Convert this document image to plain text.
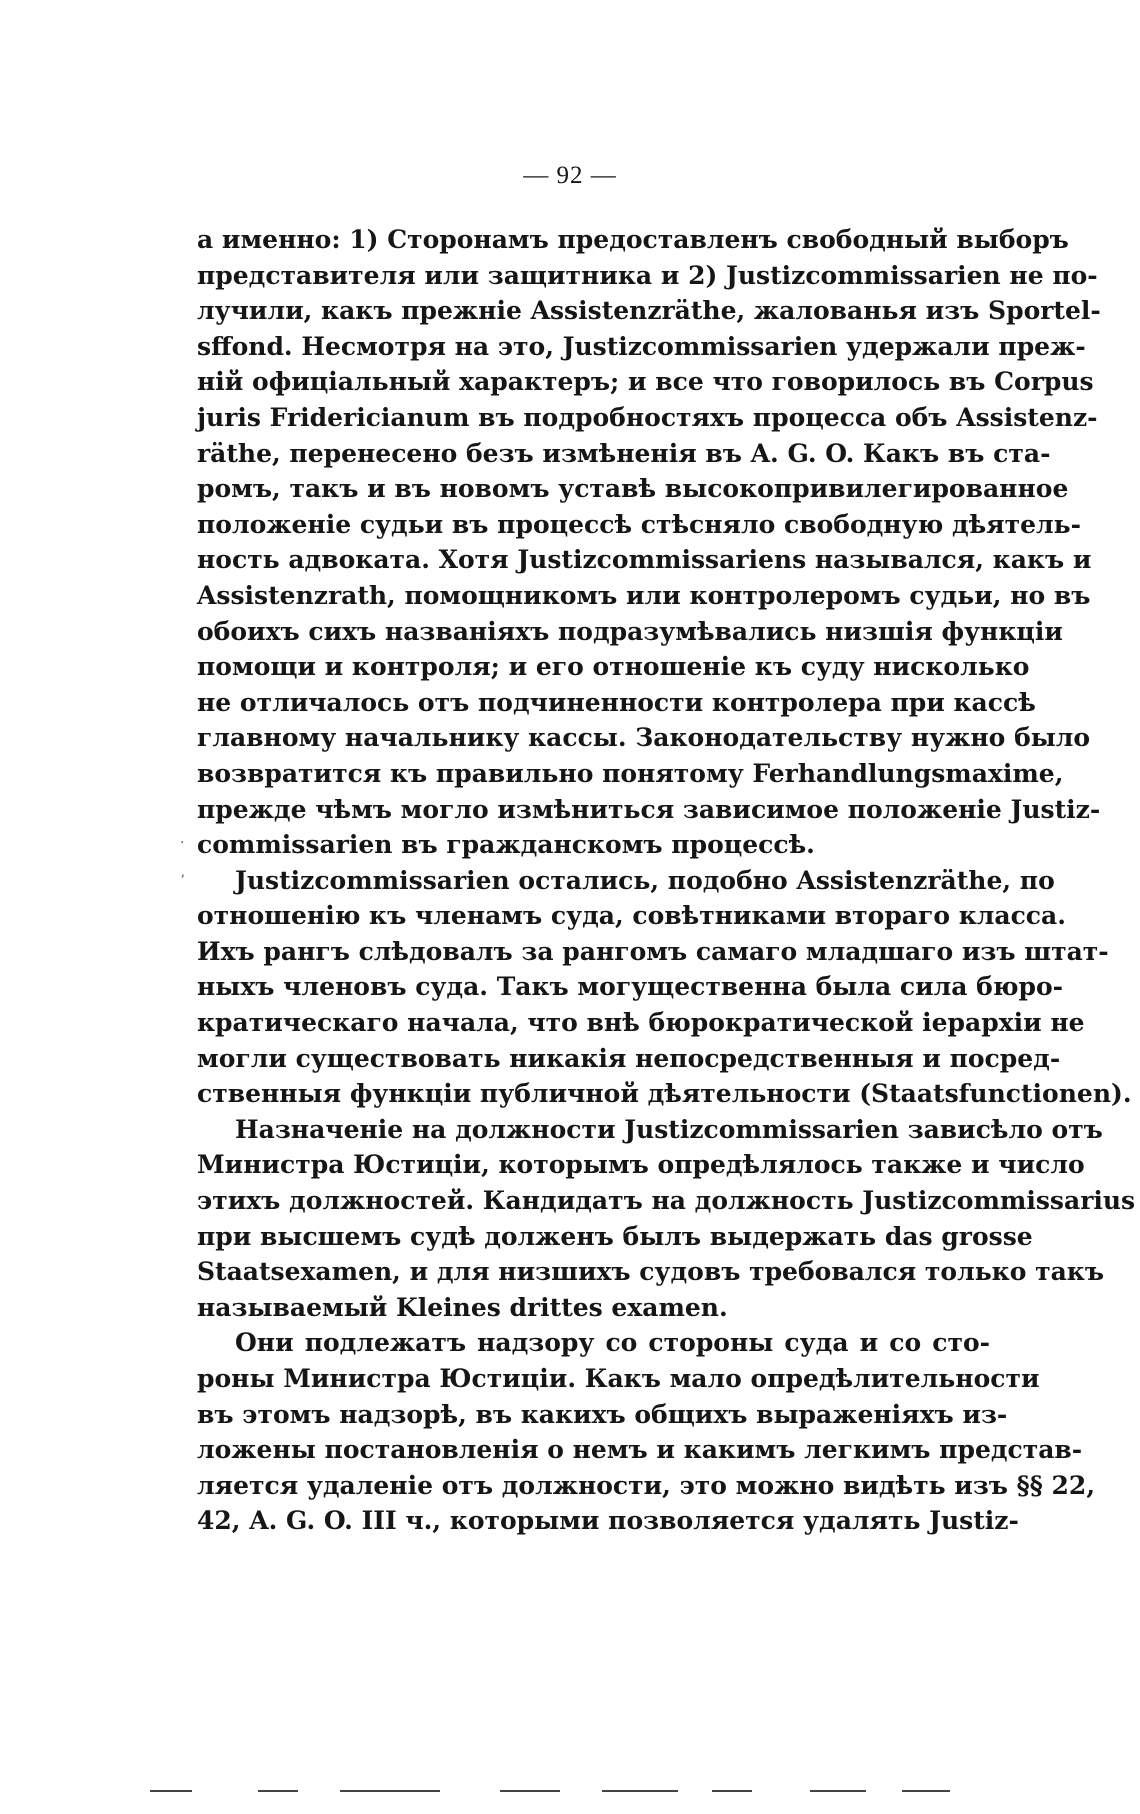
— 92 —
·
ʼ
а именно: 1) Сторонамъ предоставленъ свободный выборъ
представителя или защитника и 2) Justizcommissarien не по-
лучили, какъ прежніе Assistenzräthe, жалованья изъ Sportel-
sffond. Несмотря на это, Justizcommissarien удержали преж-
ній офиціальный характеръ; и все что говорилось въ Corpus
juris Fridericianum въ подробностяхъ процесса объ Assistenz-
räthe, перенесено безъ измѣненія въ A. G. O. Какъ въ ста-
ромъ, такъ и въ новомъ уставѣ высокопривилегированное
положеніе судьи въ процессѣ стѣсняло свободную дѣятель-
ность адвоката. Хотя Justizcommissariens назывался, какъ и
Assistenzrath, помощникомъ или контролеромъ судьи, но въ
обоихъ сихъ названіяхъ подразумѣвались низшія функціи
помощи и контроля; и его отношеніе къ суду нисколько
не отличалось отъ подчиненности контролера при кассѣ
главному начальнику кассы. Законодательству нужно было
возвратится къ правильно понятому Ferhandlungsmaxime,
прежде чѣмъ могло измѣниться зависимое положеніе Justiz-
commissarien въ гражданскомъ процессѣ.
Justizcommissarien остались, подобно Assistenzräthe, по
отношенію къ членамъ суда, совѣтниками втораго класса.
Ихъ рангъ слѣдовалъ за рангомъ самаго младшаго изъ штат-
ныхъ членовъ суда. Такъ могущественна была сила бюро-
кратическаго начала, что внѣ бюрократической іерархіи не
могли существовать никакія непосредственныя и посред-
ственныя функціи публичной дѣятельности (Staatsfunctionen).
Назначеніе на должности Justizcommissarien зависѣло отъ
Министра Юстиціи, которымъ опредѣлялось также и число
этихъ должностей. Кандидатъ на должность Justizcommissarius
при высшемъ судѣ долженъ былъ выдержать das grosse
Staatsexamen, и для низшихъ судовъ требовался только такъ
называемый Kleines drittes examen.
Они подлежатъ надзору со стороны суда и со сто-
роны Министра Юстиціи. Какъ мало опредѣлительности
въ этомъ надзорѣ, въ какихъ общихъ выраженіяхъ из-
ложены постановленія о немъ и какимъ легкимъ представ-
ляется удаленіе отъ должности, это можно видѣть изъ §§ 22,
42, A. G. O. III ч., которыми позволяется удалять Justiz-
